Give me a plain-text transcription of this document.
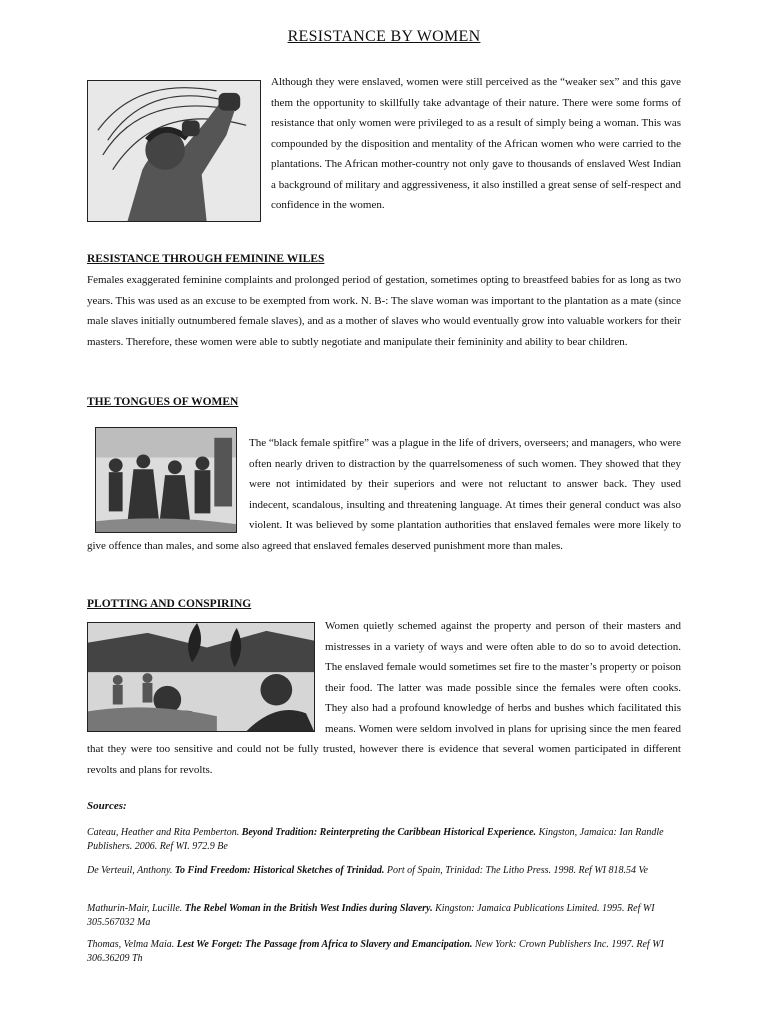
RESISTANCE BY WOMEN

Although they were enslaved, women were still perceived as the “weaker sex” and this gave them the opportunity to skillfully take advantage of their nature. There were some forms of resistance that only women were privileged to as a result of simply being a woman. This was compounded by the disposition and mentality of the African women who were carried to the plantations. The African mother-country not only gave to thousands of enslaved West Indian a background of military and aggressiveness, it also instilled a great sense of self-respect and confidence in the women.

RESISTANCE THROUGH FEMININE WILES

Females exaggerated feminine complaints and prolonged period of gestation, sometimes opting to breastfeed babies for as long as two years. This was used as an excuse to be exempted from work. N. B-: The slave woman was important to the plantation as a mate (since male slaves initially outnumbered female slaves), and as a mother of slaves who would eventually grow into valuable workers for their masters. Therefore, these women were able to subtly negotiate and manipulate their femininity and ability to bear children.

THE TONGUES OF WOMEN

The “black female spitfire” was a plague in the life of drivers, overseers; and managers, who were often nearly driven to distraction by the quarrelsomeness of such women. They showed that they were not intimidated by their superiors and were not reluctant to answer back. They used indecent, scandalous, insulting and threatening language. At times their general conduct was also violent. It was believed by some plantation authorities that enslaved females were more likely to give offence than males, and some also agreed that enslaved females deserved punishment more than males.

PLOTTING AND CONSPIRING

Women quietly schemed against the property and person of their masters and mistresses in a variety of ways and were often able to do so to avoid detection. The enslaved female would sometimes set fire to the master’s property or poison their food. The latter was made possible since the females were often cooks. They also had a profound knowledge of herbs and bushes which facilitated this means. Women were seldom involved in plans for uprising since the men feared that they were too sensitive and could not be fully trusted, however there is evidence that several women participated in different revolts and plans for revolts.

Sources:
Cateau, Heather and Rita Pemberton. Beyond Tradition: Reinterpreting the Caribbean Historical Experience. Kingston, Jamaica: Ian Randle Publishers. 2006. Ref WI. 972.9 Be
De Verteuil, Anthony. To Find Freedom: Historical Sketches of Trinidad. Port of Spain, Trinidad: The Litho Press. 1998. Ref WI 818.54 Ve
Mathurin-Mair, Lucille. The Rebel Woman in the British West Indies during Slavery. Kingston: Jamaica Publications Limited. 1995. Ref WI 305.567032 Ma
Thomas, Velma Maia. Lest We Forget: The Passage from Africa to Slavery and Emancipation. New York: Crown Publishers Inc. 1997. Ref WI 306.36209 Th
